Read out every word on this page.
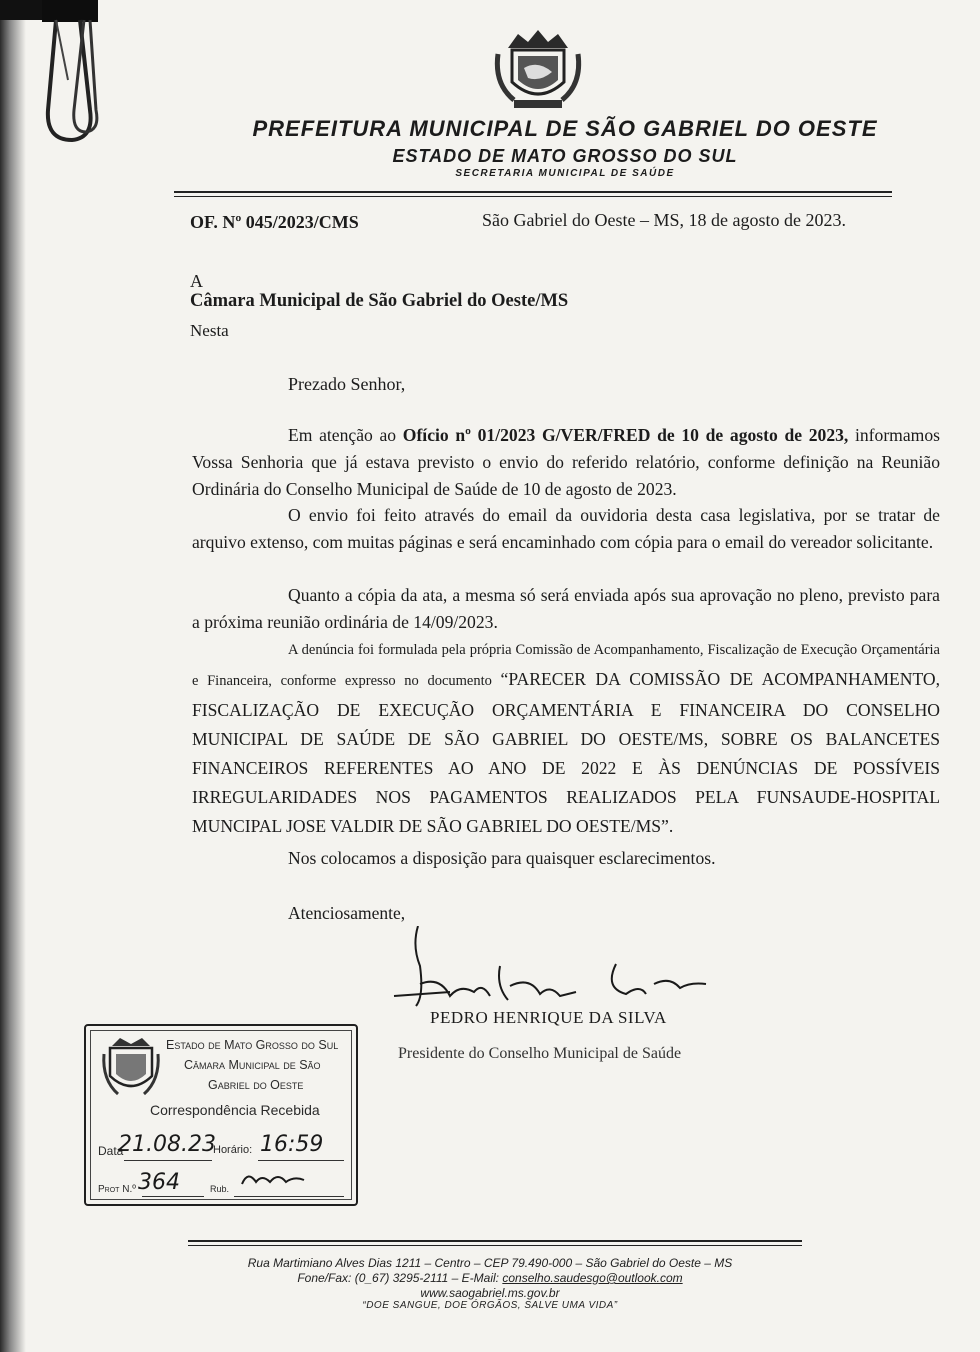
PREFEITURA MUNICIPAL DE SÃO GABRIEL DO OESTE
ESTADO DE MATO GROSSO DO SUL
SECRETARIA MUNICIPAL DE SAÚDE
OF. Nº 045/2023/CMS	São Gabriel do Oeste – MS, 18 de agosto de 2023.
A
Câmara Municipal de São Gabriel do Oeste/MS
Nesta
Prezado Senhor,

Em atenção ao Ofício nº 01/2023 G/VER/FRED de 10 de agosto de 2023, informamos Vossa Senhoria que já estava previsto o envio do referido relatório, conforme definição na Reunião Ordinária do Conselho Municipal de Saúde de 10 de agosto de 2023.

O envio foi feito através do email da ouvidoria desta casa legislativa, por se tratar de arquivo extenso, com muitas páginas e será encaminhado com cópia para o email do vereador solicitante.

Quanto a cópia da ata, a mesma só será enviada após sua aprovação no pleno, previsto para a próxima reunião ordinária de 14/09/2023.

A denúncia foi formulada pela própria Comissão de Acompanhamento, Fiscalização de Execução Orçamentária e Financeira, conforme expresso no documento “PARECER DA COMISSÃO DE ACOMPANHAMENTO, FISCALIZAÇÃO DE EXECUÇÃO ORÇAMENTÁRIA E FINANCEIRA DO CONSELHO MUNICIPAL DE SAÚDE DE SÃO GABRIEL DO OESTE/MS, SOBRE OS BALANCETES FINANCEIROS REFERENTES AO ANO DE 2022 E ÀS DENÚNCIAS DE POSSÍVEIS IRREGULARIDADES NOS PAGAMENTOS REALIZADOS PELA FUNSAUDE-HOSPITAL MUNCIPAL JOSE VALDIR DE SÃO GABRIEL DO OESTE/MS”.

Nos colocamos a disposição para quaisquer esclarecimentos.

Atenciosamente,
PEDRO HENRIQUE DA SILVA
Presidente do Conselho Municipal de Saúde
Estado de Mato Grosso do Sul
Câmara Municipal de São
Gabriel do Oeste
Correspondência Recebida
Data
21.08.23
Horário: 16:59
Prot N.º 364	Rub.
Rua Martimiano Alves Dias 1211 – Centro – CEP 79.490-000 – São Gabriel do Oeste – MS
Fone/Fax: (0_67) 3295-2111 – E-Mail: conselho.saudesgo@outlook.com
www.saogabriel.ms.gov.br
“DOE SANGUE, DOE ÓRGÃOS, SALVE UMA VIDA”
